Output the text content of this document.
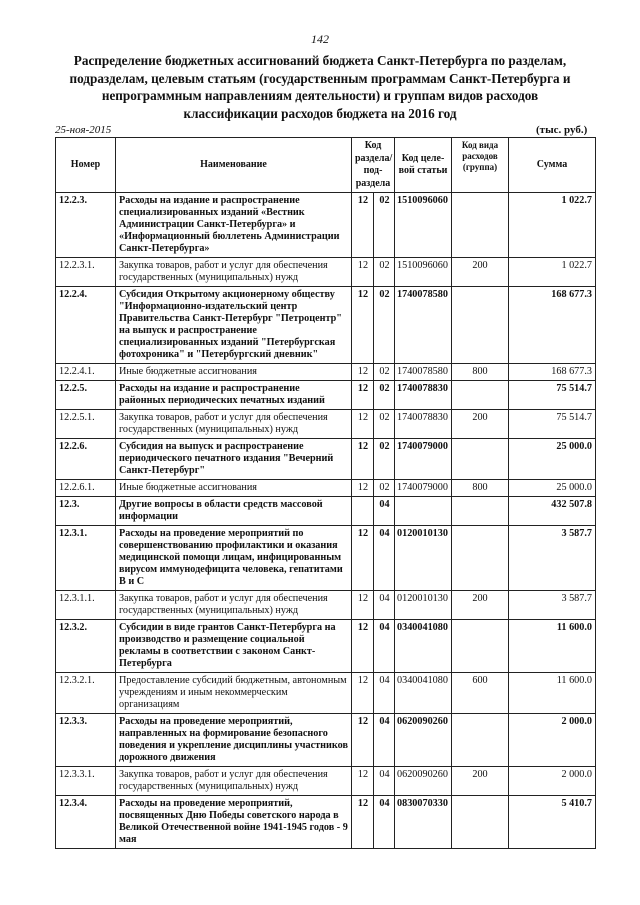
142
Распределение бюджетных ассигнований бюджета Санкт-Петербурга по разделам, подразделам, целевым статьям (государственным программам Санкт-Петербурга и непрограммным направлениям деятельности) и группам видов расходов классификации расходов бюджета на 2016 год
25-ноя-2015	(тыс. руб.)
Номер	Наименование	Код раздела/ под-раздела		Код целе-вой статьи	Код вида расходов (группа)	Сумма
12.2.3.	Расходы на издание и распространение специализированных изданий «Вестник Администрации Санкт-Петербурга» и «Информационный бюллетень Администрации Санкт-Петербурга»	12	02	1510096060		1 022.7
12.2.3.1.	Закупка товаров, работ и услуг для обеспечения государственных (муниципальных) нужд	12	02	1510096060	200	1 022.7
12.2.4.	Субсидия Открытому акционерному обществу "Информационно-издательский центр Правительства Санкт-Петербург "Петроцентр" на выпуск и распространение специализированных изданий "Петербургская фотохроника" и "Петербургский дневник"	12	02	1740078580		168 677.3
12.2.4.1.	Иные бюджетные ассигнования	12	02	1740078580	800	168 677.3
12.2.5.	Расходы на издание и распространение районных периодических печатных изданий	12	02	1740078830		75 514.7
12.2.5.1.	Закупка товаров, работ и услуг для обеспечения государственных (муниципальных) нужд	12	02	1740078830	200	75 514.7
12.2.6.	Субсидия на выпуск и распространение периодического печатного издания "Вечерний Санкт-Петербург"	12	02	1740079000		25 000.0
12.2.6.1.	Иные бюджетные ассигнования	12	02	1740079000	800	25 000.0
12.3.	Другие вопросы в области средств массовой информации		04			432 507.8
12.3.1.	Расходы на проведение мероприятий по совершенствованию профилактики и оказания медицинской помощи лицам, инфицированным вирусом иммунодефицита человека, гепатитами В и С	12	04	0120010130		3 587.7
12.3.1.1.	Закупка товаров, работ и услуг для обеспечения государственных (муниципальных) нужд	12	04	0120010130	200	3 587.7
12.3.2.	Субсидии в виде грантов Санкт-Петербурга на производство и размещение социальной рекламы в соответствии с законом Санкт-Петербурга	12	04	0340041080		11 600.0
12.3.2.1.	Предоставление субсидий бюджетным, автономным учреждениям и иным некоммерческим организациям	12	04	0340041080	600	11 600.0
12.3.3.	Расходы на проведение мероприятий, направленных на формирование безопасного поведения и укрепление дисциплины участников дорожного движения	12	04	0620090260		2 000.0
12.3.3.1.	Закупка товаров, работ и услуг для обеспечения государственных (муниципальных) нужд	12	04	0620090260	200	2 000.0
12.3.4.	Расходы на проведение мероприятий, посвященных Дню Победы советского народа в Великой Отечественной войне 1941-1945 годов - 9 мая	12	04	0830070330		5 410.7
